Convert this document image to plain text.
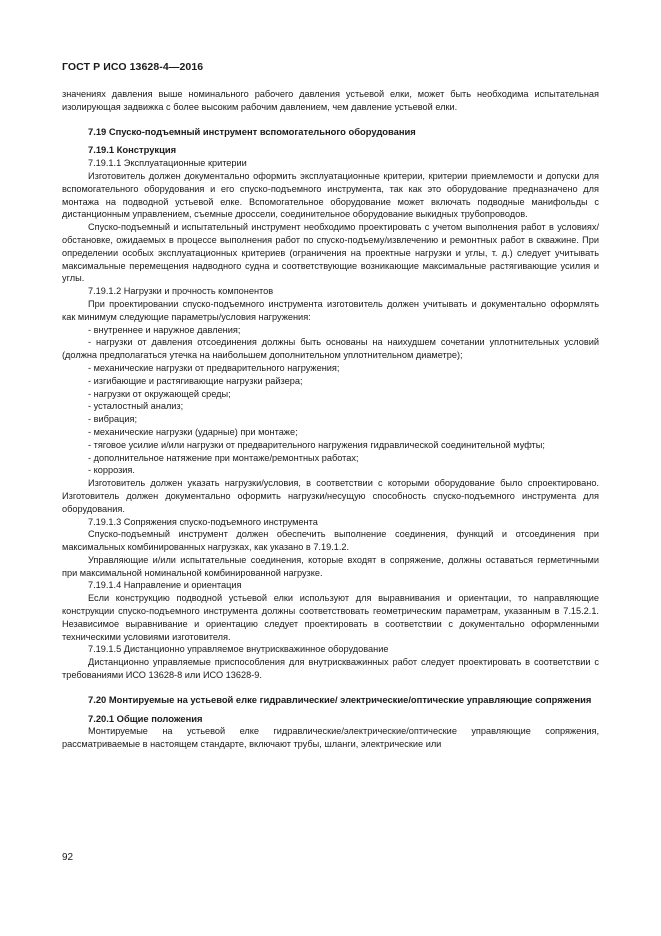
ГОСТ Р ИСО 13628-4—2016

значениях давления выше номинального рабочего давления устьевой елки, может быть необходима испытательная изолирующая задвижка с более высоким рабочим давлением, чем давление устьевой елки.

7.19 Спуско-подъемный инструмент вспомогательного оборудования
7.19.1 Конструкция

7.19.1.1 Эксплуатационные критерии

Изготовитель должен документально оформить эксплуатационные критерии, критерии приемлемости и допуски для вспомогательного оборудования и его спуско-подъемного инструмента, так как это оборудование предназначено для монтажа на подводной устьевой елке. Вспомогательное оборудование может включать подводные манифольды с дистанционным управлением, съемные дроссели, соединительное оборудование выкидных трубопроводов.

Спуско-подъемный и испытательный инструмент необходимо проектировать с учетом выполнения работ в условиях/обстановке, ожидаемых в процессе выполнения работ по спуско-подъему/извлечению и ремонтных работ в скважине. При определении особых эксплуатационных критериев (ограничения на проектные нагрузки и углы, т. д.) следует учитывать максимальные перемещения надводного судна и соответствующие возникающие максимальные растягивающие усилия и углы.

7.19.1.2 Нагрузки и прочность компонентов

При проектировании спуско-подъемного инструмента изготовитель должен учитывать и документально оформлять как минимум следующие параметры/условия нагружения:

- внутреннее и наружное давления;

- нагрузки от давления отсоединения должны быть основаны на наихудшем сочетании уплотнительных условий (должна предполагаться утечка на наибольшем дополнительном уплотнительном диаметре);

- механические нагрузки от предварительного нагружения;

- изгибающие и растягивающие нагрузки райзера;

- нагрузки от окружающей среды;

- усталостный анализ;

- вибрация;

- механические нагрузки (ударные) при монтаже;

- тяговое усилие и/или нагрузки от предварительного нагружения гидравлической соединительной муфты;

- дополнительное натяжение при монтаже/ремонтных работах;

- коррозия.

Изготовитель должен указать нагрузки/условия, в соответствии с которыми оборудование было спроектировано. Изготовитель должен документально оформить нагрузки/несущую способность спуско-подъемного инструмента для оборудования.

7.19.1.3 Сопряжения спуско-подъемного инструмента

Спуско-подъемный инструмент должен обеспечить выполнение соединения, функций и отсоединения при максимальных комбинированных нагрузках, как указано в 7.19.1.2.

Управляющие и/или испытательные соединения, которые входят в сопряжение, должны оставаться герметичными при максимальной номинальной комбинированной нагрузке.

7.19.1.4 Направление и ориентация

Если конструкцию подводной устьевой елки используют для выравнивания и ориентации, то направляющие конструкции спуско-подъемного инструмента должны соответствовать геометрическим параметрам, указанным в 7.15.2.1. Независимое выравнивание и ориентацию следует проектировать в соответствии с документально оформленными техническими условиями изготовителя.

7.19.1.5 Дистанционно управляемое внутрискважинное оборудование

Дистанционно управляемые приспособления для внутрискважинных работ следует проектировать в соответствии с требованиями ИСО 13628-8 или ИСО 13628-9.

7.20 Монтируемые на устьевой елке гидравлические/ электрические/оптические управляющие сопряжения
7.20.1 Общие положения

Монтируемые на устьевой елке гидравлические/электрические/оптические управляющие сопряжения, рассматриваемые в настоящем стандарте, включают трубы, шланги, электрические или

92
